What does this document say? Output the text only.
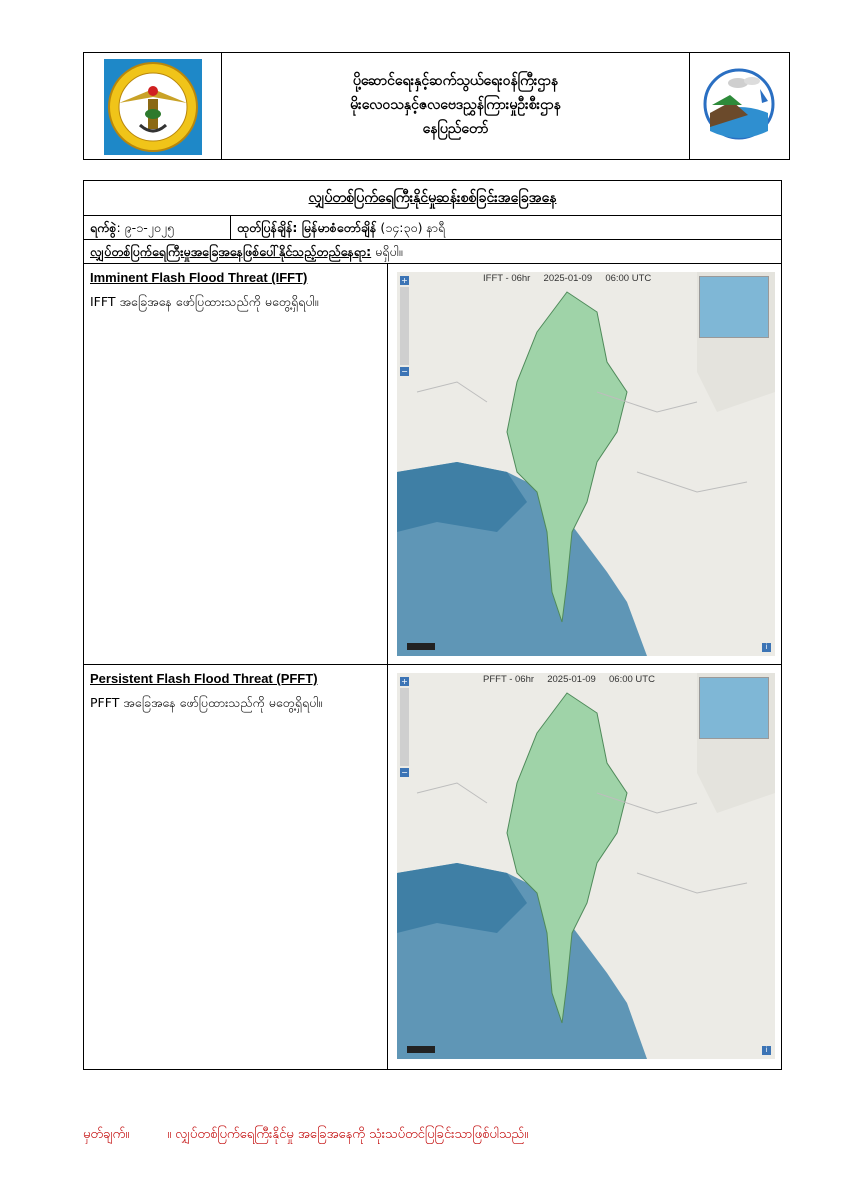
ပို့ဆောင်ရေးနှင့်ဆက်သွယ်ရေးဝန်ကြီးဌာန
မိုးလေဝသနှင့်ဇလဗေဒညွှန်ကြားမှုဦးစီးဌာန
နေပြည်တော်
လျှပ်တစ်ပြက်ရေကြီးနိုင်မှုဆန်းစစ်ခြင်းအခြေအနေ
ရက်စွဲ: ၉-၁-၂၀၂၅	ထုတ်ပြန်ချိန်: မြန်မာစံတော်ချိန် (၁၄:၃၀) နာရီ
လျှပ်တစ်ပြက်ရေကြီးမှုအခြေအနေဖြစ်ပေါ်နိုင်သည့်တည်နေရာ: မရှိပါ။
Imminent Flash Flood Threat (IFFT)
IFFT အခြေအနေ ဖော်ပြထားသည်ကို မတွေ့ရှိရပါ။
IFFT - 06hr     2025-01-09     06:00 UTC
+
−
i
Persistent Flash Flood Threat (PFFT)
PFFT အခြေအနေ ဖော်ပြထားသည်ကို မတွေ့ရှိရပါ။
PFFT - 06hr     2025-01-09     06:00 UTC
+
−
i
မှတ်ချက်။	။ လျှပ်တစ်ပြက်ရေကြီးနိုင်မှု အခြေအနေကို သုံးသပ်တင်ပြခြင်းသာဖြစ်ပါသည်။
